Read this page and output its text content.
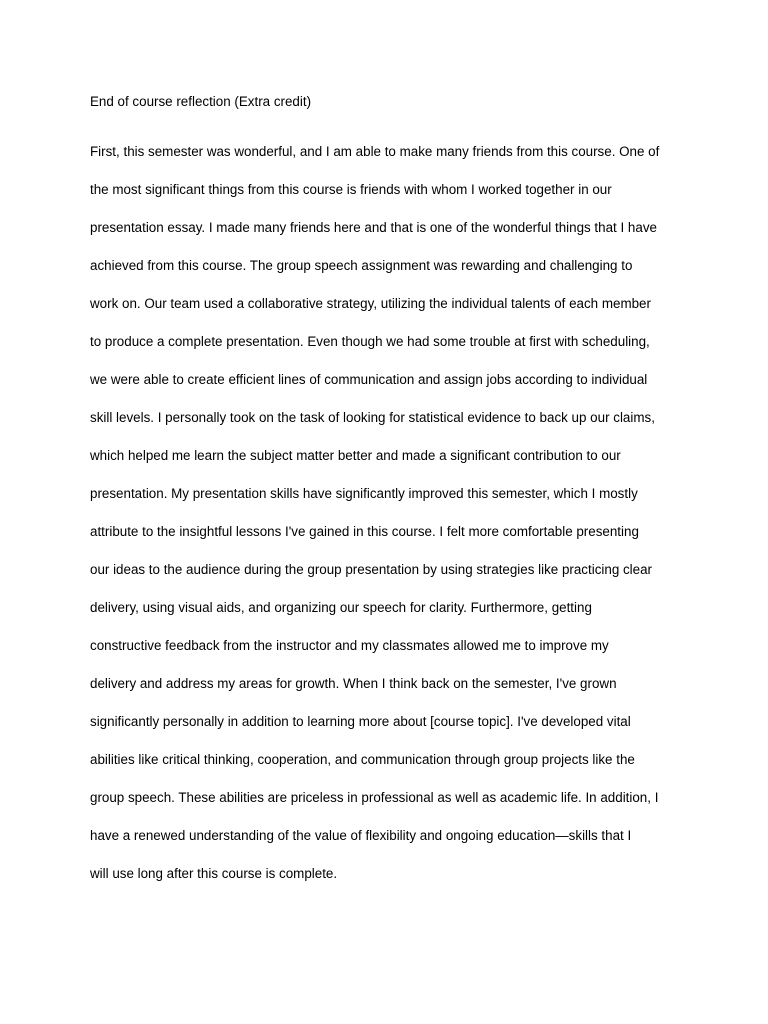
End of course reflection (Extra credit)
First, this semester was wonderful, and I am able to make many friends from this course. One of
the most significant things from this course is friends with whom I worked together in our
presentation essay. I made many friends here and that is one of the wonderful things that I have
achieved from this course. The group speech assignment was rewarding and challenging to
work on. Our team used a collaborative strategy, utilizing the individual talents of each member
to produce a complete presentation. Even though we had some trouble at first with scheduling,
we were able to create efficient lines of communication and assign jobs according to individual
skill levels. I personally took on the task of looking for statistical evidence to back up our claims,
which helped me learn the subject matter better and made a significant contribution to our
presentation. My presentation skills have significantly improved this semester, which I mostly
attribute to the insightful lessons I've gained in this course. I felt more comfortable presenting
our ideas to the audience during the group presentation by using strategies like practicing clear
delivery, using visual aids, and organizing our speech for clarity. Furthermore, getting
constructive feedback from the instructor and my classmates allowed me to improve my
delivery and address my areas for growth. When I think back on the semester, I've grown
significantly personally in addition to learning more about [course topic]. I've developed vital
abilities like critical thinking, cooperation, and communication through group projects like the
group speech. These abilities are priceless in professional as well as academic life. In addition, I
have a renewed understanding of the value of flexibility and ongoing education—skills that I
will use long after this course is complete.
